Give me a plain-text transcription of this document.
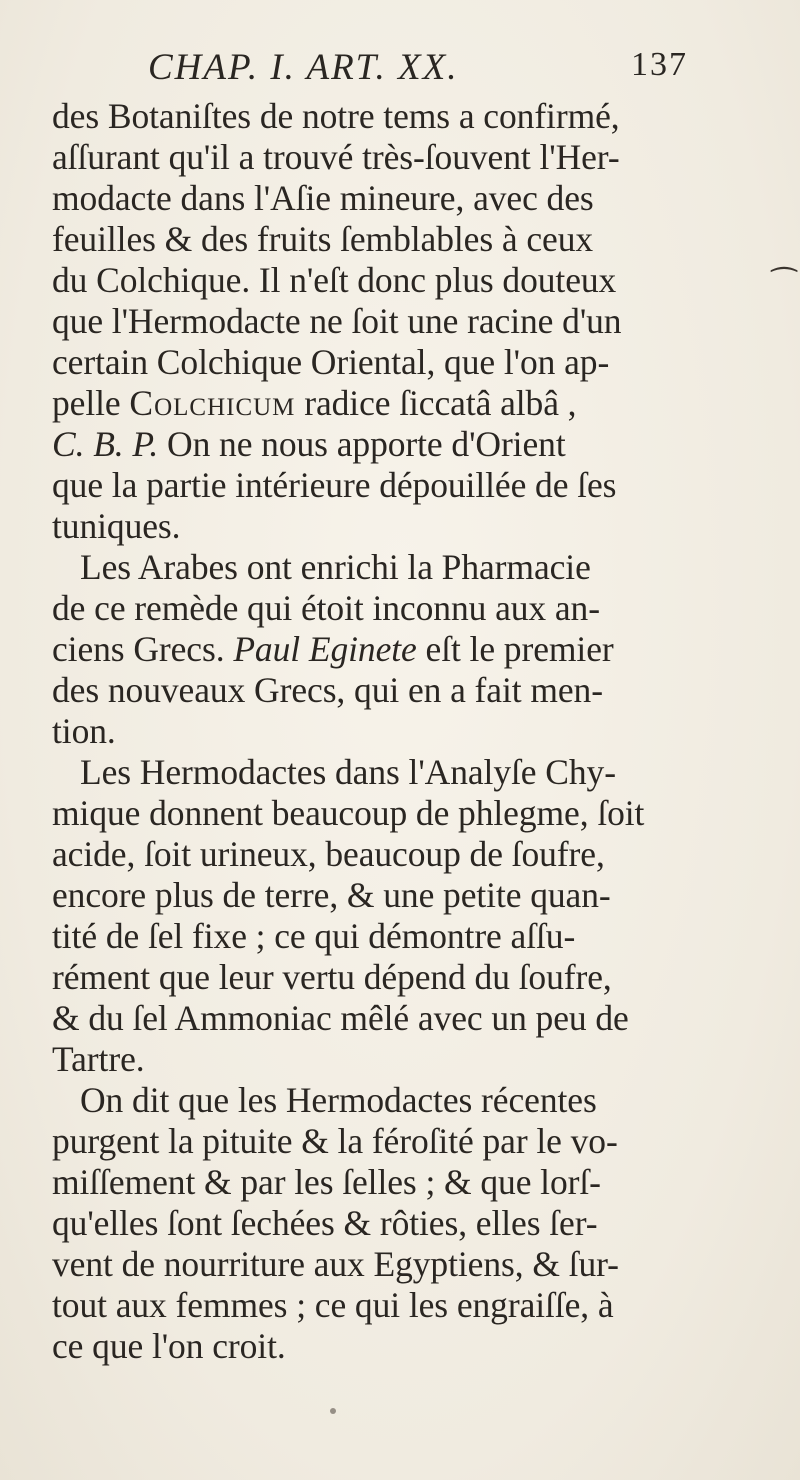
CHAP. I. ART. XX.	137
des Botaniſtes de notre tems a confirmé,
aſſurant qu'il a trouvé très-ſouvent l'Her-
modacte dans l'Aſie mineure, avec des
feuilles & des fruits ſemblables à ceux
du Colchique. Il n'eſt donc plus douteux
que l'Hermodacte ne ſoit une racine d'un
certain Colchique Oriental, que l'on ap-
pelle Colchicum radice ſiccatâ albâ ,
C. B. P. On ne nous apporte d'Orient
que la partie intérieure dépouillée de ſes
tuniques.
Les Arabes ont enrichi la Pharmacie
de ce remède qui étoit inconnu aux an-
ciens Grecs. Paul Eginete eſt le premier
des nouveaux Grecs, qui en a fait men-
tion.
Les Hermodactes dans l'Analyſe Chy-
mique donnent beaucoup de phlegme, ſoit
acide, ſoit urineux, beaucoup de ſoufre,
encore plus de terre, & une petite quan-
tité de ſel fixe ; ce qui démontre aſſu-
rément que leur vertu dépend du ſoufre,
& du ſel Ammoniac mêlé avec un peu de
Tartre.
On dit que les Hermodactes récentes
purgent la pituite & la féroſité par le vo-
miſſement & par les ſelles ; & que lorſ-
qu'elles ſont ſechées & rôties, elles ſer-
vent de nourriture aux Egyptiens, & ſur-
tout aux femmes ; ce qui les engraiſſe, à
ce que l'on croit.
⁀
